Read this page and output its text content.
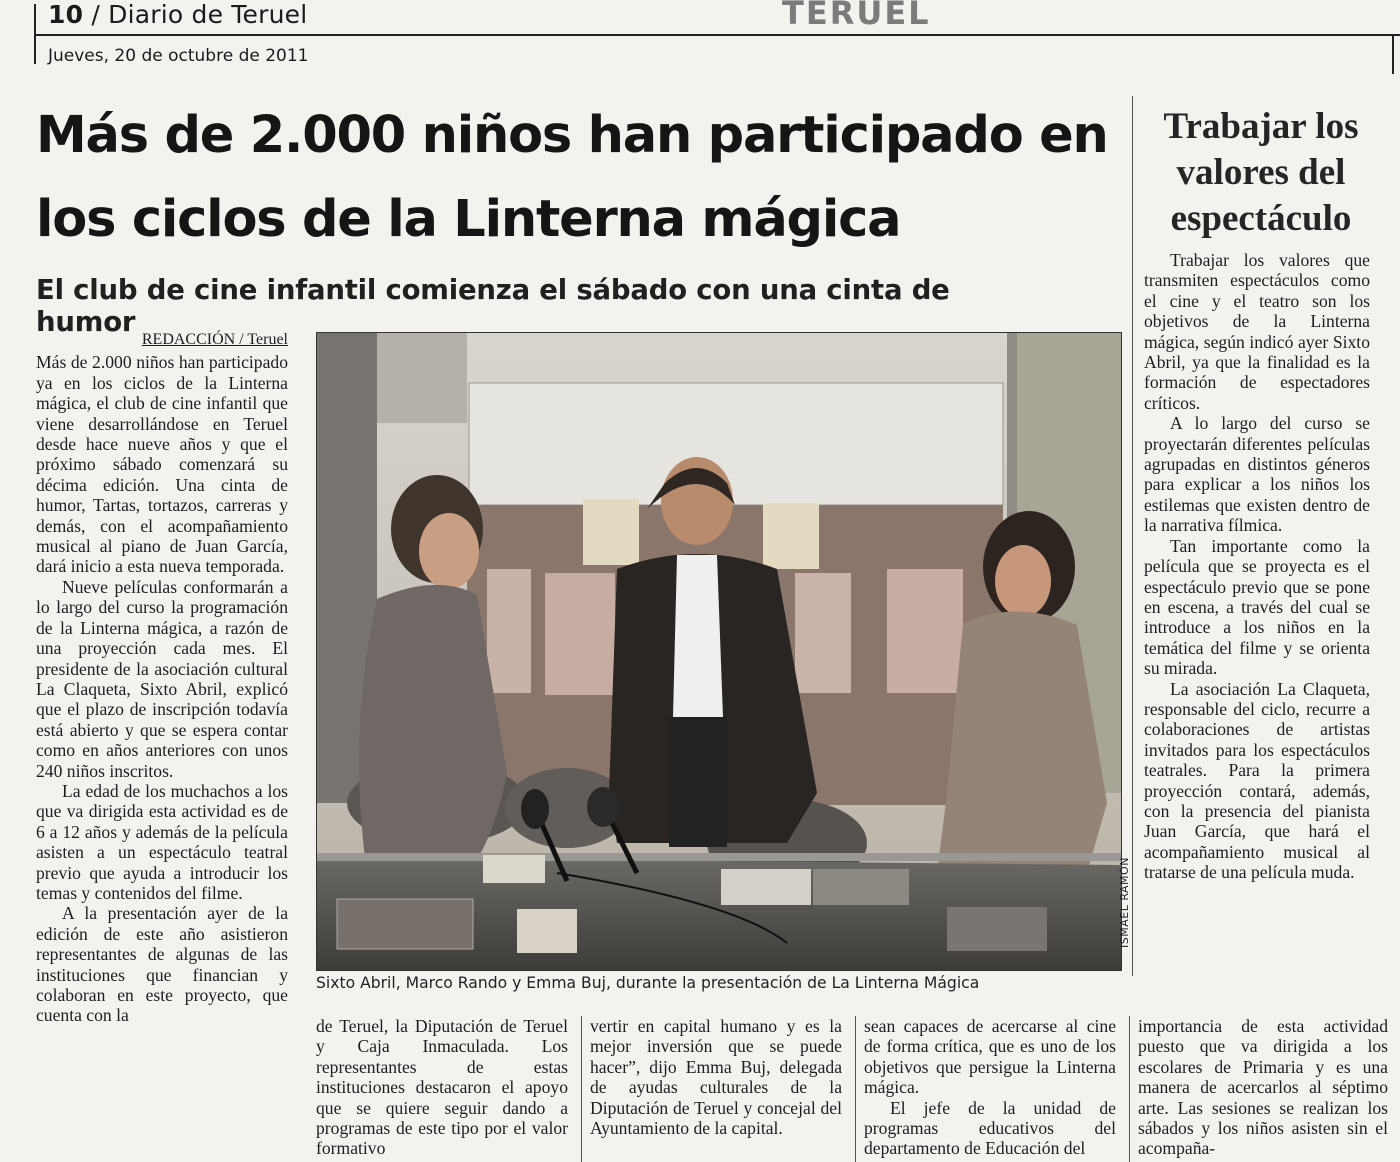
10 / Diario de Teruel	TERUEL
Jueves, 20 de octubre de 2011
Más de 2.000 niños han participado en los ciclos de la Linterna mágica
El club de cine infantil comienza el sábado con una cinta de humor
Trabajar los valores del espectáculo
REDACCIÓN / Teruel

Más de 2.000 niños han participado ya en los ciclos de la Linterna mágica, el club de cine infantil que viene desarrollándose en Teruel desde hace nueve años y que el próximo sábado comenzará su décima edición. Una cinta de humor, Tartas, tortazos, carreras y demás, con el acompañamiento musical al piano de Juan García, dará inicio a esta nueva temporada.

Nueve películas conformarán a lo largo del curso la programación de la Linterna mágica, a razón de una proyección cada mes. El presidente de la asociación cultural La Claqueta, Sixto Abril, explicó que el plazo de inscripción todavía está abierto y que se espera contar como en años anteriores con unos 240 niños inscritos.

La edad de los muchachos a los que va dirigida esta actividad es de 6 a 12 años y además de la película asisten a un espectáculo teatral previo que ayuda a introducir los temas y contenidos del filme.

A la presentación ayer de la edición de este año asistieron representantes de algunas de las instituciones que financian y colaboran en este proyecto, que cuenta con la

ISMAEL RAMÓN
Sixto Abril, Marco Rando y Emma Buj, durante la presentación de La Linterna Mágica

Trabajar los valores que transmiten espectáculos como el cine y el teatro son los objetivos de la Linterna mágica, según indicó ayer Sixto Abril, ya que la finalidad es la formación de espectadores críticos.

A lo largo del curso se proyectarán diferentes películas agrupadas en distintos géneros para explicar a los niños los estilemas que existen dentro de la narrativa fílmica.

Tan importante como la película que se proyecta es el espectáculo previo que se pone en escena, a través del cual se introduce a los niños en la temática del filme y se orienta su mirada.

La asociación La Claqueta, responsable del ciclo, recurre a colaboraciones de artistas invitados para los espectáculos teatrales. Para la primera proyección contará, además, con la presencia del pianista Juan García, que hará el acompañamiento musical al tratarse de una película muda.

de Teruel, la Diputación de Teruel y Caja Inmaculada. Los representantes de estas instituciones destacaron el apoyo que se quiere seguir dando a programas de este tipo por el valor formativo

vertir en capital humano y es la mejor inversión que se puede hacer”, dijo Emma Buj, delegada de ayudas culturales de la Diputación de Teruel y concejal del Ayuntamiento de la capital.

sean capaces de acercarse al cine de forma crítica, que es uno de los objetivos que persigue la Linterna mágica.

El jefe de la unidad de programas educativos del departamento de Educación del

importancia de esta actividad puesto que va dirigida a los escolares de Primaria y es una manera de acercarlos al séptimo arte. Las sesiones se realizan los sábados y los niños asisten sin el acompaña-
